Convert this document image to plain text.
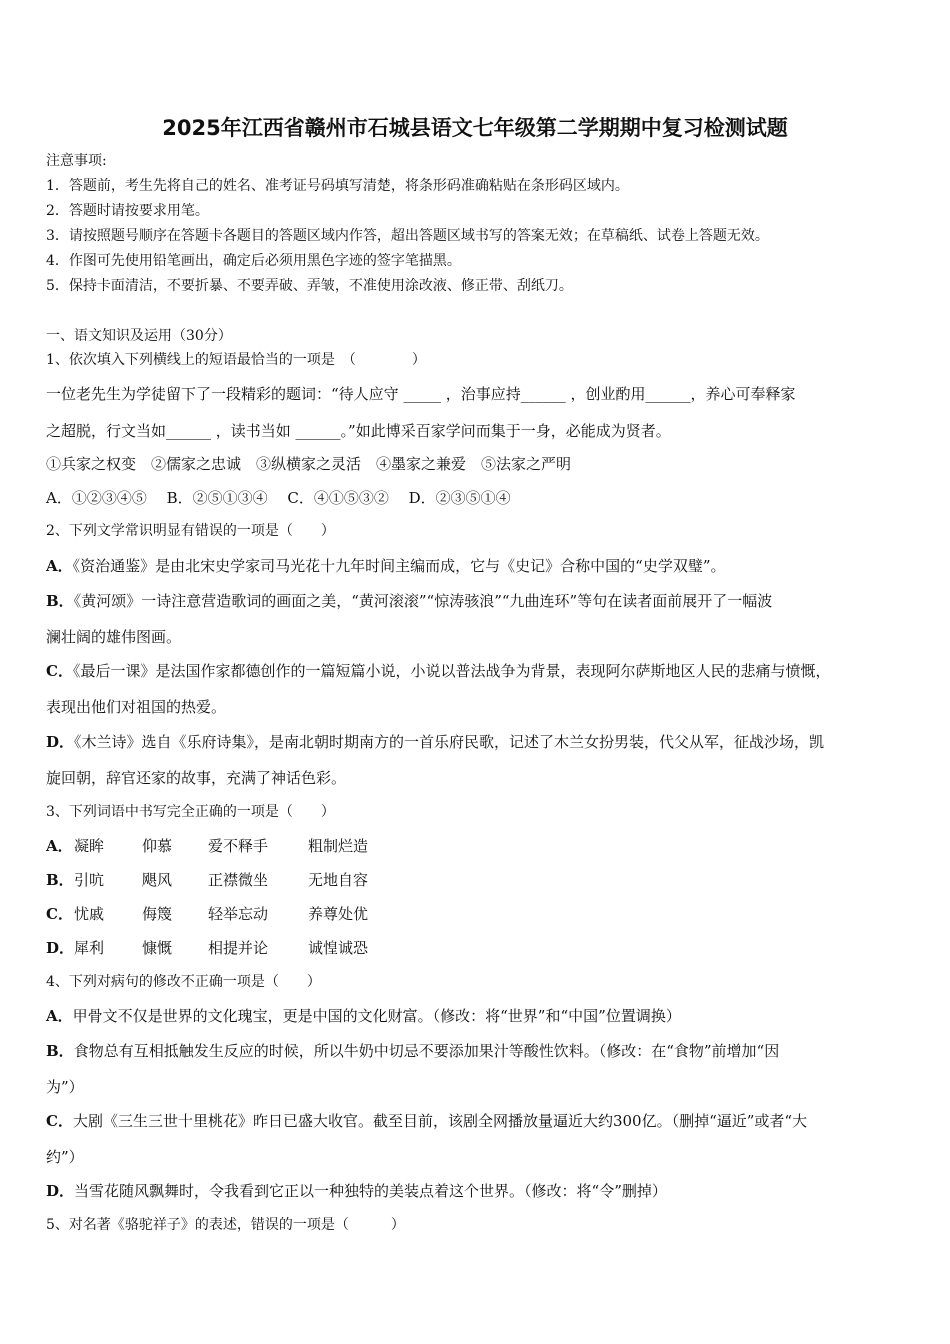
2025年江西省赣州市石城县语文七年级第二学期期中复习检测试题
注意事项:
1．答题前，考生先将自己的姓名、准考证号码填写清楚，将条形码准确粘贴在条形码区域内。
2．答题时请按要求用笔。
3．请按照题号顺序在答题卡各题目的答题区域内作答，超出答题区域书写的答案无效；在草稿纸、试卷上答题无效。
4．作图可先使用铅笔画出，确定后必须用黑色字迹的签字笔描黑。
5．保持卡面清洁，不要折暴、不要弄破、弄皱，不准使用涂改液、修正带、刮纸刀。
一、语文知识及运用（30分）
1、依次填入下列横线上的短语最恰当的一项是　（　　　　）
一位老先生为学徒留下了一段精彩的题词：“待人应守 _____ ，治事应持______ ，创业酌用______，养心可奉释家
之超脱，行文当如______ ，读书当如 ______。”如此博采百家学问而集于一身，必能成为贤者。
①兵家之权变　②儒家之忠诚　③纵横家之灵活　④墨家之兼爱　⑤法家之严明
A．①②③④⑤　 B．②⑤①③④　 C．④①⑤③②　 D．②③⑤①④
2、下列文学常识明显有错误的一项是（　　）
A．《资治通鉴》是由北宋史学家司马光花十九年时间主编而成，它与《史记》合称中国的“史学双璧”。
B．《黄河颂》一诗注意营造歌词的画面之美，“黄河滚滚”“惊涛骇浪”“九曲连环”等句在读者面前展开了一幅波
澜壮阔的雄伟图画。
C．《最后一课》是法国作家都德创作的一篇短篇小说，小说以普法战争为背景，表现阿尔萨斯地区人民的悲痛与愤慨，
表现出他们对祖国的热爱。
D．《木兰诗》选自《乐府诗集》，是南北朝时期南方的一首乐府民歌，记述了木兰女扮男装，代父从军，征战沙场，凯
旋回朝，辞官还家的故事，充满了神话色彩。
3、下列词语中书写完全正确的一项是（　　）
A． 凝眸	仰慕 爱不释手	粗制烂造
B． 引吭	飓风 正襟微坐	无地自容
C． 忧戚	侮篾 轻举忘动	养尊处优
D． 犀利	慷慨 相提并论	诚惶诚恐
4、下列对病句的修改不正确一项是（　　）
A．甲骨文不仅是世界的文化瑰宝，更是中国的文化财富。（修改：将“世界”和“中国”位置调换）
B．食物总有互相抵触发生反应的时候，所以牛奶中切忌不要添加果汁等酸性饮料。（修改：在“食物”前增加“因
为”）
C．大剧《三生三世十里桃花》昨日已盛大收官。截至目前，该剧全网播放量逼近大约300亿。（删掉“逼近”或者“大
约”）
D．当雪花随风飘舞时，令我看到它正以一种独特的美装点着这个世界。（修改：将“令”删掉）
5、对名著《骆驼祥子》的表述，错误的一项是（　　　）
